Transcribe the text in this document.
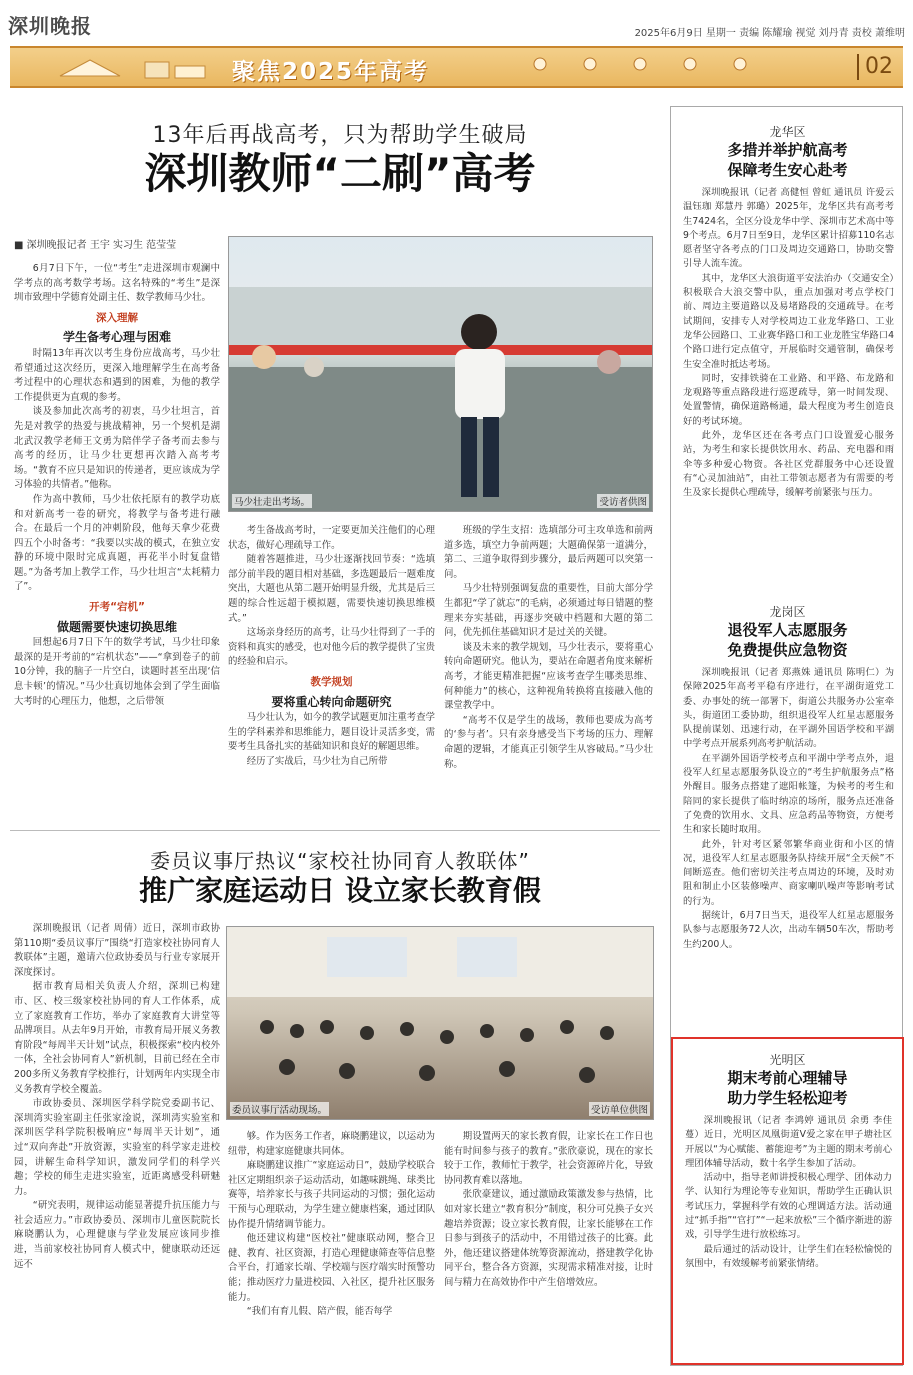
深圳晚报	2025年6月9日 星期一 责编 陈耀瑜 视觉 刘丹青 责校 萧维明
聚焦2025年高考	02
13年后再战高考，只为帮助学生破局
深圳教师“二刷”高考
■ 深圳晚报记者 王宇 实习生 范莹莹
马少壮走出考场。	受访者供图

6月7日下午，一位“考生”走进深圳市观澜中学考点的高考数学考场。这名特殊的“考生”是深圳市致理中学德育处副主任、数学教师马少壮。

深入理解
学生备考心理与困难

时隔13年再次以考生身份应战高考，马少壮希望通过这次经历，更深入地理解学生在高考备考过程中的心理状态和遇到的困难，为他的教学工作提供更为直观的参考。

谈及参加此次高考的初衷，马少壮坦言，首先是对教学的热爱与挑战精神，另一个契机是湖北武汉教学老师王文勇为陪伴学子备考而去参与高考的经历，让马少壮更想再次踏入高考考场。“教育不应只是知识的传递者，更应该成为学习体验的共情者。”他称。

作为高中教师，马少壮依托原有的教学功底和对新高考一卷的研究，将教学与备考进行融合。在最后一个月的冲刺阶段，他每天拿少花费四五个小时备考：“我要以实战的模式，在独立安静的环境中限时完成真题，再花半小时复盘错题。”为备考加上教学工作，马少壮坦言“太耗精力了”。

开考“宕机”
做题需要快速切换思维

回想起6月7日下午的数学考试，马少壮印象最深的是开考前的“宕机状态”——“拿到卷子的前10分钟，我的脑子一片空白，读题时甚至出现‘信息卡顿’的情况。”马少壮真切地体会到了学生面临大考时的心理压力，他想，之后带领

考生备战高考时，一定要更加关注他们的心理状态，做好心理疏导工作。

随着答题推进，马少壮逐渐找回节奏：“选填部分前半段的题目相对基础，多选题最后一题难度突出，大题也从第二题开始明显升级，尤其是后三题的综合性远超于模拟题，需要快速切换思维模式。”

这场亲身经历的高考，让马少壮得到了一手的资料和真实的感受，也对他今后的教学提供了宝贵的经验和启示。

教学规划
要将重心转向命题研究

马少壮认为，如今的教学试题更加注重考查学生的学科素养和思维能力，题目设计灵活多变，需要考生具备扎实的基础知识和良好的解题思维。

经历了实战后，马少壮为自己所带

班级的学生支招：选填部分可主攻单选和前两道多选，填空力争前两题；大题确保第一道满分，第二、三道争取得到步骤分，最后两题可以突第一问。

马少壮特别强调复盘的重要性，目前大部分学生都犯“学了就忘”的毛病，必须通过每日错题的整理来夯实基础，再逐步突破中档题和大题的第二问，优先抓住基础知识才是过关的关键。

谈及未来的教学规划，马少壮表示，要将重心转向命题研究。他认为，要站在命题者角度来解析高考，才能更精准把握“应该考查学生哪类思维、何种能力”的核心，这种视角转换将直接融入他的课堂教学中。

“高考不仅是学生的战场，教师也要成为高考的‘参与者’。只有亲身感受当下考场的压力、理解命题的逻辑，才能真正引领学生从容破局。”马少壮称。

委员议事厅热议“家校社协同育人教联体”
推广家庭运动日 设立家长教育假
委员议事厅活动现场。	受访单位供图

深圳晚报讯（记者 周倩）近日，深圳市政协第110期“委员议事厅”围绕“打造家校社协同育人教联体”主题，邀请六位政协委员与行业专家展开深度探讨。

据市教育局相关负责人介绍，深圳已构建市、区、校三级家校社协同的育人工作体系，成立了家庭教育工作坊，举办了家庭教育大讲堂等品牌项目。从去年9月开始，市教育局开展义务教育阶段“每周半天计划”试点，积极探索“校内校外一体，全社会协同育人”新机制，目前已经在全市200多所义务教育学校推行，计划两年内实现全市义务教育学校全覆盖。

市政协委员、深圳医学科学院党委副书记、深圳湾实验室副主任张家淦说，深圳湾实验室和深圳医学科学院积极响应“每周半天计划”，通过“双向奔赴”开放资源，实验室的科学家走进校园，讲解生命科学知识，激发同学们的科学兴趣；学校的师生走进实验室，近距离感受科研魅力。

“研究表明，规律运动能显著提升抗压能力与社会适应力。”市政协委员、深圳市儿童医院院长麻晓鹏认为，心理健康与学业发展应该同步推进，当前家校社协同育人模式中，健康联动还远远不

够。作为医务工作者，麻晓鹏建议，以运动为纽带，构建家庭健康共同体。

麻晓鹏建议推广“家庭运动日”，鼓励学校联合社区定期组织亲子运动活动，如趣味跳绳、球类比赛等，培养家长与孩子共同运动的习惯；强化运动干预与心理联动，为学生建立健康档案，通过团队协作提升情绪调节能力。

他还建议构建“医校社”健康联动网，整合卫健、教育、社区资源，打造心理健康筛查等信息整合平台，打通家长端、学校端与医疗端实时预警功能；推动医疗力量进校园、入社区，提升社区服务能力。

“我们有育儿假、陪产假，能否每学

期设置两天的家长教育假，让家长在工作日也能有时间参与孩子的教育。”张欣豪说，现在的家长较于工作，教师忙于教学，社会资源碎片化，导致协同教育难以落地。

张欣豪建议，通过激励政策激发参与热情，比如对家长建立“教育积分”制度，积分可兑换子女兴趣培养资源；设立家长教育假，让家长能够在工作日参与到孩子的活动中，不用错过孩子的比赛。此外，他还建议搭建体统筹资源流动，搭建教学化协同平台，整合各方资源，实现需求精准对接，让时间与精力在高效协作中产生倍增效应。

龙华区
多措并举护航高考
保障考生安心赴考

深圳晚报讯（记者 高健恒 曾虹 通讯员 许爱云 温钰珈 郑慧丹 郭璐）2025年，龙华区共有高考考生7424名，全区分设龙华中学、深圳市艺术高中等9个考点。6月7日至9日，龙华区累计招募110名志愿者坚守各考点的门口及周边交通路口，协助交警引导人流车流。

其中，龙华区大浪街道平安法治办（交通安全）积极联合大浪交警中队，重点加强对考点学校门前、周边主要道路以及易堵路段的交通疏导。在考试期间，安排专人对学校周边工业龙华路口、工业龙华公园路口、工业赛华路口和工业龙胜宝华路口4个路口进行定点值守，开展临时交通管制，确保考生安全准时抵达考场。

同时，安排铁骑在工业路、和平路、布龙路和龙观路等重点路段进行巡逻疏导，第一时间发现、处置警情，确保道路畅通，最大程度为考生创造良好的考试环境。

此外，龙华区还在各考点门口设置爱心服务站，为考生和家长提供饮用水、药品、充电器和雨伞等多种爱心物资。各社区党群服务中心还设置有“心灵加油站”，由社工带领志愿者为有需要的考生及家长提供心理疏导，缓解考前紧张与压力。

龙岗区
退役军人志愿服务
免费提供应急物资

深圳晚报讯（记者 郑燕姝 通讯员 陈明仁）为保障2025年高考平稳有序进行，在平湖街道党工委、办事处的统一部署下，街道公共服务办公室牵头，街道团工委协助，组织退役军人红星志愿服务队提前谋划、迅速行动，在平湖外国语学校和平湖中学考点开展系列高考护航活动。

在平湖外国语学校考点和平湖中学考点外，退役军人红星志愿服务队设立的“考生护航服务点”格外醒目。服务点搭建了遮阳帐篷，为候考的考生和陪同的家长提供了临时纳凉的场所，服务点还准备了免费的饮用水、文具、应急药品等物资，方便考生和家长随时取用。

此外，针对考区紧邻繁华商业街和小区的情况，退役军人红星志愿服务队持续开展“全天候”不间断巡查。他们密切关注考点周边的环境，及时劝阻和制止小区装修噪声、商家喇叭噪声等影响考试的行为。

据统计，6月7日当天，退役军人红星志愿服务队参与志愿服务72人次，出动车辆50车次，帮助考生约200人。

光明区
期末考前心理辅导
助力学生轻松迎考

深圳晚报讯（记者 李鸿婷 通讯员 余勇 李佳蔓）近日，光明区凤凰街道V爱之家在甲子塘社区开展以“为心赋能、蓄能迎考”为主题的期末考前心理团体辅导活动，数十名学生参加了活动。

活动中，指导老师讲授积极心理学、团体动力学、认知行为理论等专业知识，帮助学生正确认识考试压力，掌握科学有效的心理调适方法。活动通过“抓手指”“官打”“一起来放松”三个循序渐进的游戏，引导学生进行放松练习。

最后通过的活动设计，让学生们在轻松愉悦的氛围中，有效缓解考前紧张情绪。
